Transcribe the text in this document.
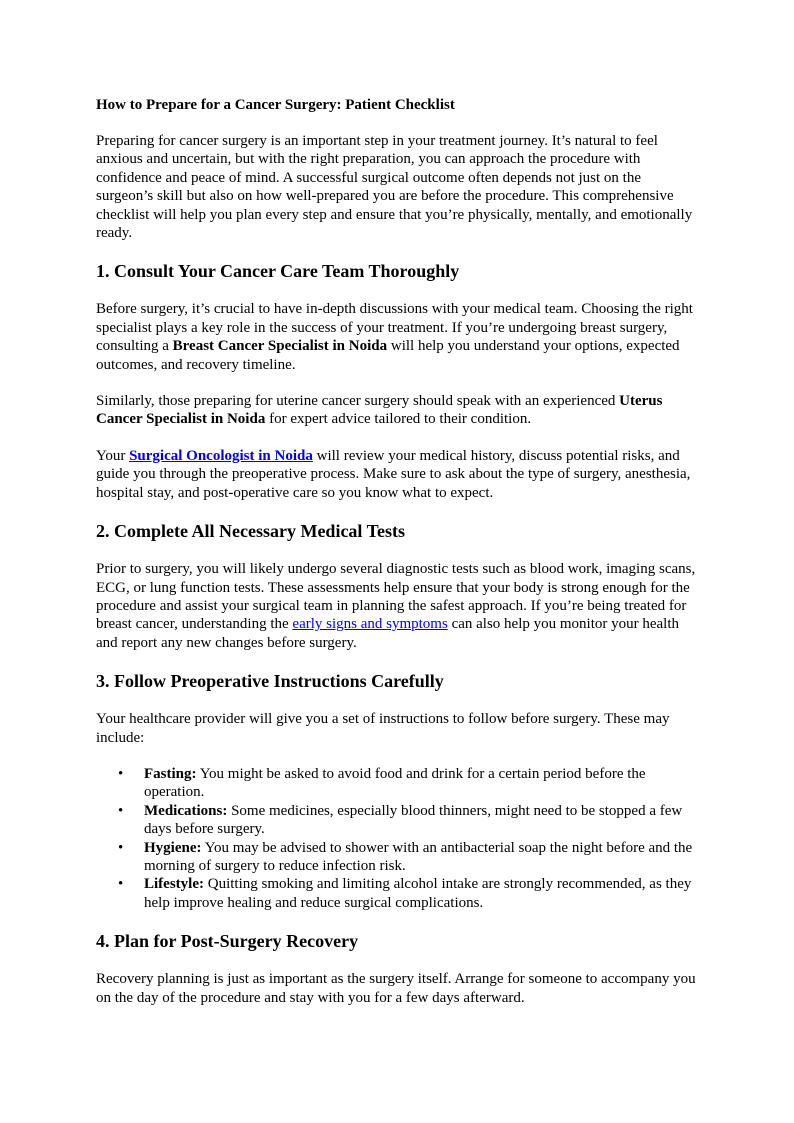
How to Prepare for a Cancer Surgery: Patient Checklist

Preparing for cancer surgery is an important step in your treatment journey. It’s natural to feel anxious and uncertain, but with the right preparation, you can approach the procedure with confidence and peace of mind. A successful surgical outcome often depends not just on the surgeon’s skill but also on how well-prepared you are before the procedure. This comprehensive checklist will help you plan every step and ensure that you’re physically, mentally, and emotionally ready.

1. Consult Your Cancer Care Team Thoroughly

Before surgery, it’s crucial to have in-depth discussions with your medical team. Choosing the right specialist plays a key role in the success of your treatment. If you’re undergoing breast surgery, consulting a Breast Cancer Specialist in Noida will help you understand your options, expected outcomes, and recovery timeline.

Similarly, those preparing for uterine cancer surgery should speak with an experienced Uterus Cancer Specialist in Noida for expert advice tailored to their condition.

Your Surgical Oncologist in Noida will review your medical history, discuss potential risks, and guide you through the preoperative process. Make sure to ask about the type of surgery, anesthesia, hospital stay, and post-operative care so you know what to expect.

2. Complete All Necessary Medical Tests

Prior to surgery, you will likely undergo several diagnostic tests such as blood work, imaging scans, ECG, or lung function tests. These assessments help ensure that your body is strong enough for the procedure and assist your surgical team in planning the safest approach. If you’re being treated for breast cancer, understanding the early signs and symptoms can also help you monitor your health and report any new changes before surgery.

3. Follow Preoperative Instructions Carefully

Your healthcare provider will give you a set of instructions to follow before surgery. These may include:

• Fasting: You might be asked to avoid food and drink for a certain period before the operation.
• Medications: Some medicines, especially blood thinners, might need to be stopped a few days before surgery.
• Hygiene: You may be advised to shower with an antibacterial soap the night before and the morning of surgery to reduce infection risk.
• Lifestyle: Quitting smoking and limiting alcohol intake are strongly recommended, as they help improve healing and reduce surgical complications.
4. Plan for Post-Surgery Recovery

Recovery planning is just as important as the surgery itself. Arrange for someone to accompany you on the day of the procedure and stay with you for a few days afterward.
